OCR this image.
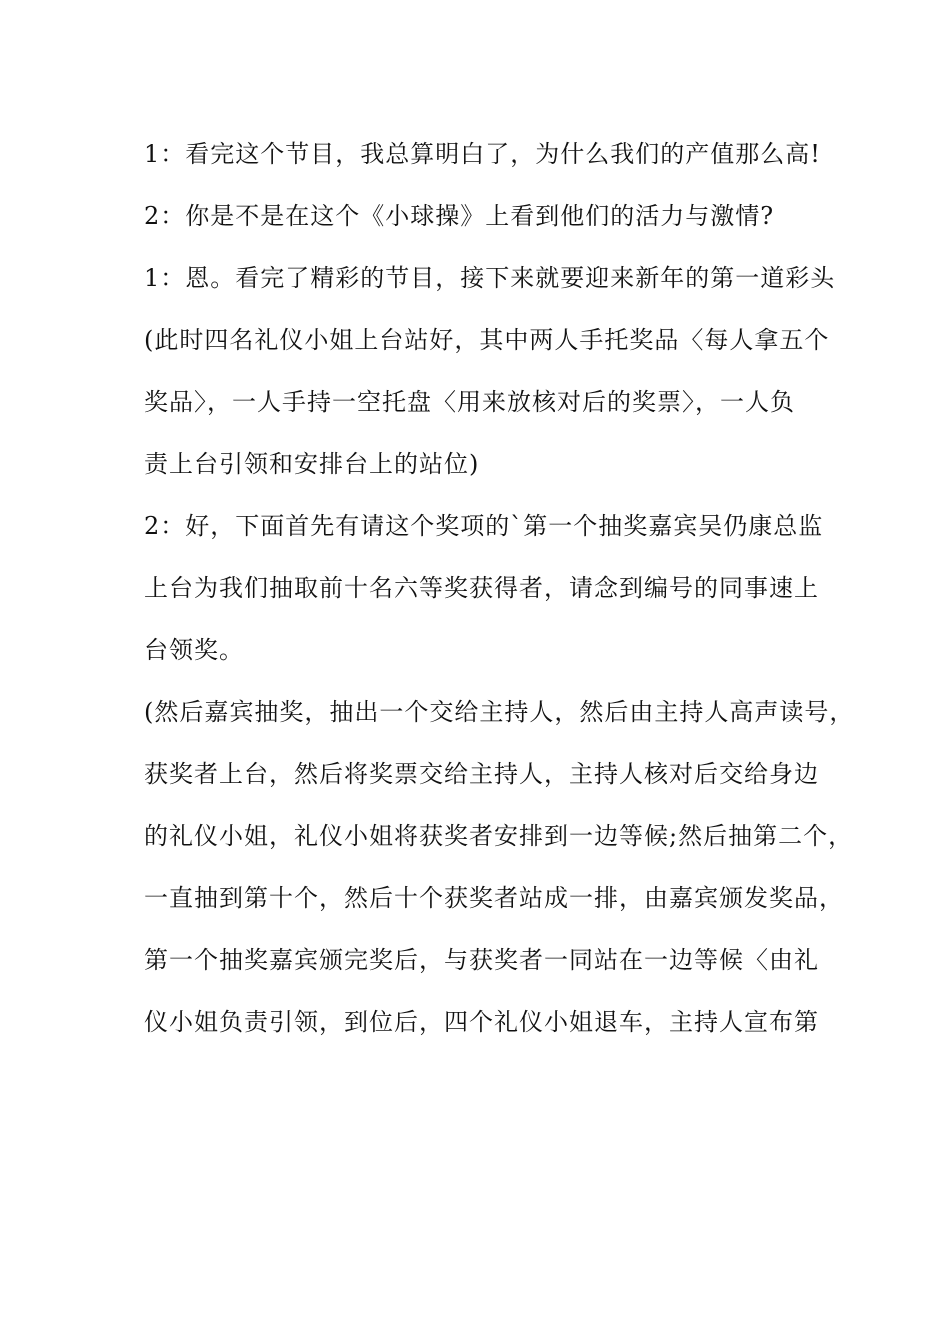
1：看完这个节目，我总算明白了，为什么我们的产值那么高!
2：你是不是在这个《小球操》上看到他们的活力与激情?
1：恩。看完了精彩的节目，接下来就要迎来新年的第一道彩头
(此时四名礼仪小姐上台站好，其中两人手托奖品〈每人拿五个
奖品〉，一人手持一空托盘〈用来放核对后的奖票〉，一人负
责上台引领和安排台上的站位)
2：好，下面首先有请这个奖项的`第一个抽奖嘉宾吴仍康总监
上台为我们抽取前十名六等奖获得者，请念到编号的同事速上
台领奖。
(然后嘉宾抽奖，抽出一个交给主持人，然后由主持人高声读号，
获奖者上台，然后将奖票交给主持人，主持人核对后交给身边
的礼仪小姐，礼仪小姐将获奖者安排到一边等候;然后抽第二个，
一直抽到第十个，然后十个获奖者站成一排，由嘉宾颁发奖品，
第一个抽奖嘉宾颁完奖后，与获奖者一同站在一边等候〈由礼
仪小姐负责引领，到位后，四个礼仪小姐退车，主持人宣布第
